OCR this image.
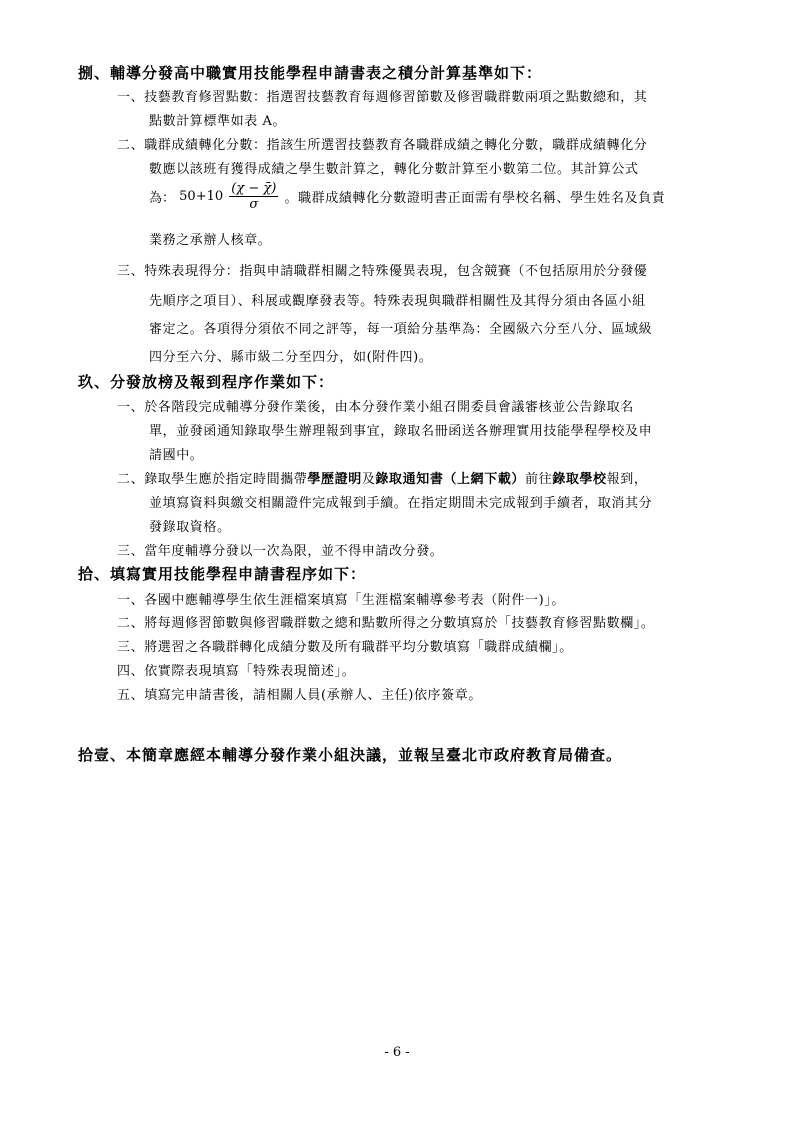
捌、輔導分發高中職實用技能學程申請書表之積分計算基準如下：
一、技藝教育修習點數：指選習技藝教育每週修習節數及修習職群數兩項之點數總和，其
點數計算標準如表 A。
二、職群成績轉化分數：指該生所選習技藝教育各職群成績之轉化分數，職群成績轉化分
數應以該班有獲得成績之學生數計算之，轉化分數計算至小數第二位。其計算公式
為： $50+10 \frac{(\chi - \chī)}{\sigma}$ 。職群成績轉化分數證明書正面需有學校名稱、學生姓名及負責
業務之承辦人核章。
三、特殊表現得分：指與申請職群相關之特殊優異表現，包含競賽（不包括原用於分發優
先順序之項目）、科展或觀摩發表等。特殊表現與職群相關性及其得分須由各區小組
審定之。各項得分須依不同之評等，每一項給分基準為：全國級六分至八分、區域級
四分至六分、縣市級二分至四分，如(附件四)。
玖、分發放榜及報到程序作業如下：
一、於各階段完成輔導分發作業後，由本分發作業小組召開委員會議審核並公告錄取名
單，並發函通知錄取學生辦理報到事宜，錄取名冊函送各辦理實用技能學程學校及申
請國中。
二、錄取學生應於指定時間攜帶學歷證明及錄取通知書（上網下載）前往錄取學校報到，
並填寫資料與繳交相關證件完成報到手續。在指定期間未完成報到手續者，取消其分
發錄取資格。
三、當年度輔導分發以一次為限，並不得申請改分發。
拾、填寫實用技能學程申請書程序如下：
一、各國中應輔導學生依生涯檔案填寫「生涯檔案輔導參考表（附件一)」。
二、將每週修習節數與修習職群數之總和點數所得之分數填寫於「技藝教育修習點數欄」。
三、將選習之各職群轉化成績分數及所有職群平均分數填寫「職群成績欄」。
四、依實際表現填寫「特殊表現簡述」。
五、填寫完申請書後，請相關人員(承辦人、主任)依序簽章。
拾壹、本簡章應經本輔導分發作業小組決議，並報呈臺北市政府教育局備查。
- 6 -
